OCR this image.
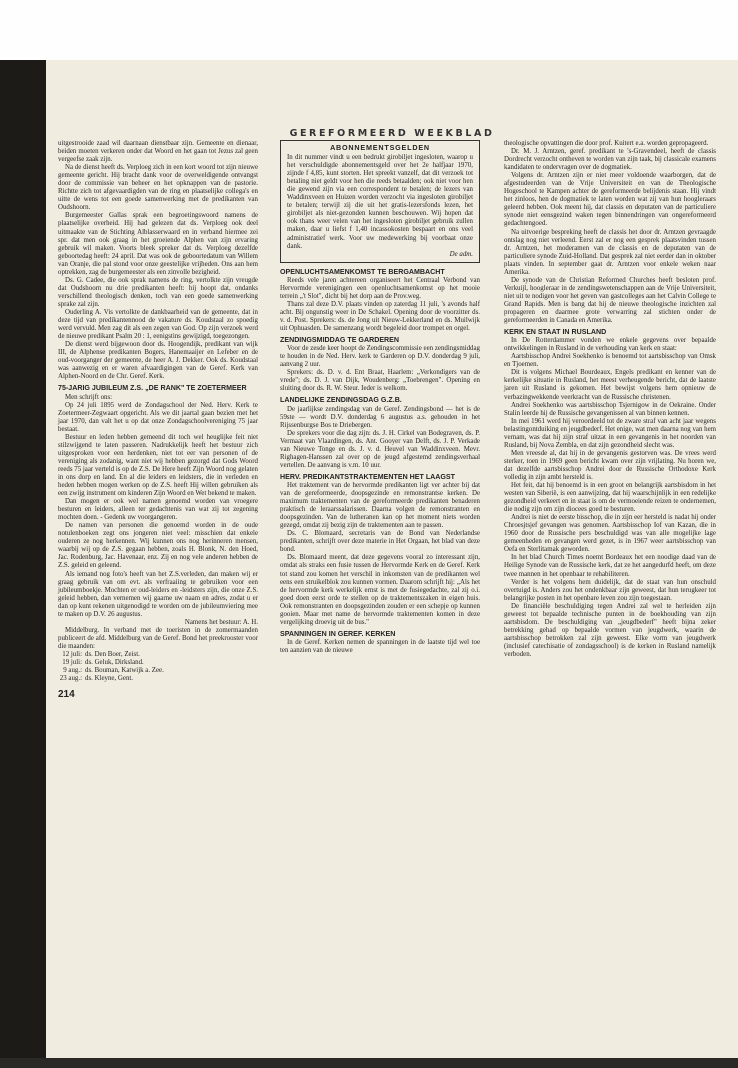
GEREFORMEERD WEEKBLAD

uitgestrooide zaad wil daarnaan dienstbaar zijn. Gemeente en dienaar, beiden moeten verkeren onder dat Woord en het gaan tot Jezus zal geen vergeefse zaak zijn.

Na de dienst heeft ds. Verploeg zich in een kort woord tot zijn nieuwe gemeente gericht. Hij bracht dank voor de overweldigende ontvangst door de commissie van beheer en het opknappen van de pastorie. Richtte zich tot afgevaardigden van de ring en plaatselijke collega's en uitte de wens tot een goede samenwerking met de predikanten van Oudshoorn.

Burgemeester Gallas sprak een begroetingswoord namens de plaatselijke overheid. Hij had gelezen dat ds. Verploeg ook deel uitmaakte van de Stichting Alblasserwaard en in verband hiermee zei spr. dat men ook graag in het groeiende Alphen van zijn ervaring gebruik wil maken. Voorts bleek spreker dat ds. Verploeg dezelfde geboortedag heeft: 24 april. Dat was ook de geboortedatum van Willem van Oranje, die pal stond voor onze geestelijke vrijheden. Ons aan hem optrekken, zag de burgemeester als een zinvolle bezigheid.

Ds. G. Cadee, die ook sprak namens de ring, vertolkte zijn vreugde dat Oudshoorn nu drie predikanten heeft: hij hoopt dat, ondanks verschillend theologisch denken, toch van een goede samenwerking sprake zal zijn.

Ouderling A. Vis vertolkte de dankbaarheid van de gemeente, dat in deze tijd van predikantennood de vakature ds. Koudstaal zo spoedig werd vervuld. Men zag dit als een zegen van God. Op zijn verzoek werd de nieuwe predikant Psalm 20 : 1, eenigstins gewijzigd, toegezongen.

De dienst werd bijgewoon door ds. Hoogendijk, predikant van wijk III, de Alphense predikanten Bogers, Hanemaaijer en Lefeber en de oud-voorganger der gemeente, de heer A. J. Dekker. Ook ds. Koudstaal was aanwezig en er waren afvaardigingen van de Geref. Kerk van Alphen-Noord en de Chr. Geref. Kerk.

75-JARIG JUBILEUM Z.S. „DE RANK" TE ZOETERMEER

Men schrijft ons:

Op 24 juli 1895 werd de Zondagschool der Ned. Herv. Kerk te Zoetermeer-Zegwaart opgericht. Als we dit jaartal gaan bezien met het jaar 1970, dan valt het u op dat onze Zondagschoolvereniging 75 jaar bestaat.

Bestuur en leden hebben gemeend dit toch wel heuglijke feit niet stilzwijgend te laten passeren. Nadrukkelijk heeft het bestuur zich uitgesproken voor een herdenken, niet tot eer van personen of de vereniging als zodanig, want niet wij hebben gezorgd dat Gods Woord reeds 75 jaar verteld is op de Z.S. De Here heeft Zijn Woord nog gelaten in ons dorp en land. En al die leiders en leidsters, die in verleden en heden hebben mogen werken op de Z.S. heeft Hij willen gebruiken als een zwijg instrument om kinderen Zijn Woord en Wet bekend te maken.

Dan mogen er ook wel namen genoemd worden van vroegere besturen en leiders, alleen ter gedachtenis van wat zij tot zegening mochten doen. - Gedenk uw voorgangeren.

De namen van personen die genoemd worden in de oude notulenboeken zegt ons jongeren niet veel: misschien dat enkele ouderen ze nog herkennen. Wij kunnen ons nog herinneren mensen, waarbij wij op de Z.S. gegaan hebben, zoals H. Blonk, N. den Hoed, Jac. Rodenburg, Jac. Havenaar, enz. Zij en nog vele anderen hebben de Z.S. geleid en geleend.

Als iemand nog foto's heeft van het Z.S.verleden, dan maken wij er graag gebruik van om evt. als verfraaiing te gebruiken voor een jubileumboekje. Mochten er oud-leiders en -leidsters zijn, die onze Z.S. geleid hebben, dan vernemen wij gaarne uw naam en adres, zodat u er dan op kunt rekenen uitgenodigd te worden om de jubileumviering mee te maken op D.V. 26 augustus.

Namens het bestuur: A. H.

Middelburg. In verband met de toeristen in de zomermaanden publiceert de afd. Middelburg van de Geref. Bond het preekrooster voor die maanden:

12 juli: ds. Den Boer, Zeist.
19 juli: ds. Geluk, Dirksland.
9 aug.: ds. Bouman, Katwijk a. Zee.
23 aug.: ds. Kleyne, Gent.
ABONNEMENTSGELDEN

In dit nummer vindt u een bedrukt girobiljet ingesloten, waarop u het verschuldigde abonnementsgeld over het 2e halfjaar 1970, zijnde f 4,85, kunt storten. Het spreekt vanzelf, dat dit verzoek tot betaling niet geldt voor hen die reeds betaalden; ook niet voor hen die gewend zijn via een correspondent te betalen; de lezers van Waddinxveen en Huizen worden verzocht via ingesloten girobiljet te betalen; terwijl zij die uit het gratis-lezersfonds lezen, het girobiljet als niet-gezonden kunnen beschouwen. Wij hopen dat ook thans weer velen van het ingesloten girobiljet gebruik zullen maken, daar u liefst f 1,40 incassokosten bespaart en ons veel administratief werk. Voor uw medewerking bij voorbaat onze dank.

De adm.

OPENLUCHTSAMENKOMST TE BERGAMBACHT

Reeds vele jaren achtereen organiseert het Centraal Verbond van Hervormde verenigingen een openluchtsamenkomst op het mooie terrein „'t Slot", dicht bij het dorp aan de Prov.weg.

Thans zal deze D.V. plaats vinden op zaterdag 11 juli, 's avonds half acht. Bij ongunstig weer in De Schakel. Opening door de voorzitter ds. v. d. Post. Sprekers: ds. de Jong uit Nieuw-Lekkerland en ds. Muilwijk uit Ophuasden. De samenzang wordt begeleid door trompet en orgel.

ZENDINGSMIDDAG TE GARDEREN

Voor de zesde keer hoopt de Zendingscommissie een zendingsmiddag te houden in de Ned. Herv. kerk te Garderen op D.V. donderdag 9 juli, aanvang 2 uur.

Sprekers: ds. D. v. d. Ent Braat, Haarlem: „Verkondigers van de vrede"; ds. D. J. van Dijk, Woudenberg: „Toebrengen". Opening en sluiting door ds. R. W. Steur. Ieder is welkom.

LANDELIJKE ZENDINGSDAG G.Z.B.

De jaarlijkse zendingsdag van de Geref. Zendingsbond — het is de 59ste — wordt D.V. donderdag 6 augustus a.s. gehouden in het Rijssenburgse Bos te Driebergen.

De sprekers voor die dag zijn: ds. J. H. Cirkel van Bodegraven, ds. P. Vermaat van Vlaardingen, ds. Ant. Gooyer van Delft, ds. J. P. Verkade van Nieuwe Tonge en ds. J. v. d. Heuvel van Waddinxveen. Mevr. Righagen-Hanssen zal over op de jeugd afgestemd zendingsverhaal vertellen. De aanvang is v.m. 10 uur.

HERV. PREDIKANTSTRAKTEMENTEN HET LAAGST

Het traktement van de hervormde predikanten ligt ver achter bij dat van de gereformeerde, doopsgezinde en remonstrantse kerken. De maximum traktementen van de gereformeerde predikanten benaderen praktisch de leraarssalarissen. Daarna volgen de remonstranten en doopsgezinden. Van de lutheranen kan op het moment niets worden gezegd, omdat zij bezig zijn de traktementen aan te passen.

Ds. C. Blomaard, secretaris van de Bond van Nederlandse predikanten, schrijft over deze materie in Het Orgaan, het blad van deze bond.

Ds. Blomaard meent, dat deze gegevens vooral zo interessant zijn, omdat als straks een fusie tussen de Hervormde Kerk en de Geref. Kerk tot stand zou komen het verschil in inkomsten van de predikanten wel eens een struikelblok zou kunnen vormen. Daarom schrijft hij: „Als het de hervormde kerk werkelijk ernst is met de fusiegedachte, zal zij o.i. goed doen eerst orde te stellen op de traktementszaken in eigen huis. Ook remonstranten en doopsgezinden zouden er een schepje op kunnen gooien. Maar met name de hervormde traktementen komen in deze vergelijking droevig uit de bus."

SPANNINGEN IN GEREF. KERKEN

In de Geref. Kerken nemen de spanningen in de laatste tijd wel toe ten aanzien van de nieuwe

theologische opvattingen die door prof. Kuitert e.a. worden gepropageerd.

Dr. M. J. Arntzen, geref. predikant te 's-Gravendeel, heeft de classis Dordrecht verzocht ontheven te worden van zijn taak, bij classicale examens kandidaten te ondervragen over de dogmatiek.

Volgens dr. Arntzen zijn er niet meer voldoende waarborgen, dat de afgestudeerden van de Vrije Universiteit en van de Theologische Hogeschool te Kampen achter de gereformeerde belijdenis staan. Hij vindt het zinloos, hen de dogmatiek te laten worden wat zij van hun hoogleraars geleerd hebben. Ook meent hij, dat classis en deputaten van de particuliere synode niet eensgezind waken tegen binnendringen van ongereformeerd gedachtengoed.

Na uitvoerige bespreking heeft de classis het door dr. Arntzen gevraagde ontslag nog niet verleend. Eerst zal er nog een gesprek plaatsvinden tussen dr. Arntzen, het moderamen van de classis en de deputaten van de particuliere synode Zuid-Holland. Dat gesprek zal niet eerder dan in oktober plaats vinden. In september gaat dr. Arntzen voor enkele weken naar Amerika.

De synode van de Christian Reformed Churches heeft besloten prof. Verkuijl, hoogleraar in de zendingswetenschappen aan de Vrije Universiteit, niet uit te nodigen voor het geven van gastcolleges aan het Calvin College te Grand Rapids. Men is bang dat hij de nieuwe theologische inzichten zal propageren en daarmee grote verwarring zal stichten onder de gereformeerden in Canada en Amerika.

KERK EN STAAT IN RUSLAND

In De Rotterdammer vonden we enkele gegevens over bepaalde ontwikkelingen in Rusland in de verhouding van kerk en staat:

Aartsbisschop Andrei Soekhenko is benoemd tot aartsbisschop van Omsk en Tjoemen.

Dit is volgens Michael Bourdeaux, Engels predikant en kenner van de kerkelijke situatie in Rusland, het meest verheugende bericht, dat de laatste jaren uit Rusland is gekomen. Het bewijst volgens hem opnieuw de verbazingwekkende veerkracht van de Russische christenen.

Andrei Soekhenko was aartsbisschop Tsjernigow in de Oekraine. Onder Stalin leerde hij de Russische gevangenissen al van binnen kennen.

In mei 1961 werd hij veroordeeld tot de zware straf van acht jaar wegens belastingontduiking en jeugdbederf. Het enige, wat men daarna nog van hem vernam, was dat hij zijn straf uitzat in een gevangenis in het noorden van Rusland, bij Nova Zembla, en dat zijn gezondheid slecht was.

Men vreesde al, dat hij in de gevangenis gestorven was. De vrees werd sterker, toen in 1969 geen bericht kwam over zijn vrijlating. Nu horen we, dat dezelfde aartsbisschop Andrei door de Russische Orthodoxe Kerk volledig in zijn ambt hersteld is.

Het feit, dat hij benoemd is in een groot en belangrijk aartsbisdom in het westen van Siberië, is een aanwijzing, dat hij waarschijnlijk in een redelijke gezondheid verkeert en in staat is om de vermoeiende reizen te ondernemen, die nodig zijn om zijn diocees goed te besturen.

Andrei is niet de eerste bisschop, die in zijn eer hersteld is nadat hij onder Chroesjtsjef gevangen was genomen. Aartsbisschop Iof van Kazan, die in 1960 door de Russische pers beschuldigd was van alle mogelijke lage gemeenheden en gevangen werd gezet, is in 1967 weer aartsbisschop van Oefa en Sterlitamak geworden.

In het blad Church Times noemt Bordeaux het een noodige daad van de Heilige Synode van de Russische kerk, dat ze het aangedurfd heeft, om deze twee mannen in het openbaar te rehabiliteren.

Verder is het volgens hem duidelijk, dat de staat van hun onschuld overtuigd is. Anders zou het ondenkbaar zijn geweest, dat hun terugkeer tot belangrijke posten in het openbare leven zou zijn toegestaan.

De financiële beschuldiging tegen Andrei zal wel te herleiden zijn geweest tot bepaalde technische punten in de boekhouding van zijn aartsbisdom. De beschuldiging van „jeugdbederf" heeft bijna zeker betrekking gehad op bepaalde vormen van jeugdwerk, waarin de aartsbisschop betrokken zal zijn geweest. Elke vorm van jeugdwerk (inclusief catechisatie of zondagsschool) is de kerken in Rusland namelijk verboden.

214
